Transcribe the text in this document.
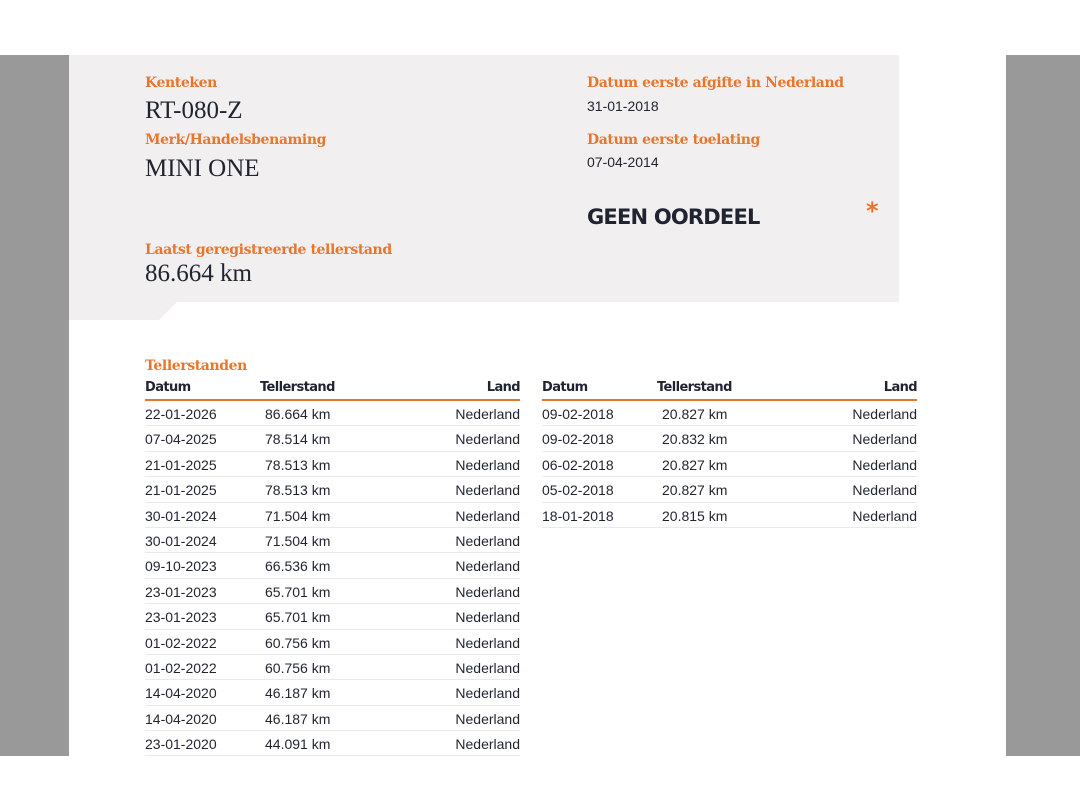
Kenteken
RT-080-Z
Merk/Handelsbenaming
MINI ONE
Datum eerste afgifte in Nederland
31-01-2018
Datum eerste toelating
07-04-2014
GEEN OORDEEL	*
Laatst geregistreerde tellerstand
86.664 km
Tellerstanden
Datum	Tellerstand	Land
22-01-2026	86.664 km	Nederland
07-04-2025	78.514 km	Nederland
21-01-2025	78.513 km	Nederland
21-01-2025	78.513 km	Nederland
30-01-2024	71.504 km	Nederland
30-01-2024	71.504 km	Nederland
09-10-2023	66.536 km	Nederland
23-01-2023	65.701 km	Nederland
23-01-2023	65.701 km	Nederland
01-02-2022	60.756 km	Nederland
01-02-2022	60.756 km	Nederland
14-04-2020	46.187 km	Nederland
14-04-2020	46.187 km	Nederland
23-01-2020	44.091 km	Nederland
Datum	Tellerstand	Land
09-02-2018	20.827 km	Nederland
09-02-2018	20.832 km	Nederland
06-02-2018	20.827 km	Nederland
05-02-2018	20.827 km	Nederland
18-01-2018	20.815 km	Nederland
